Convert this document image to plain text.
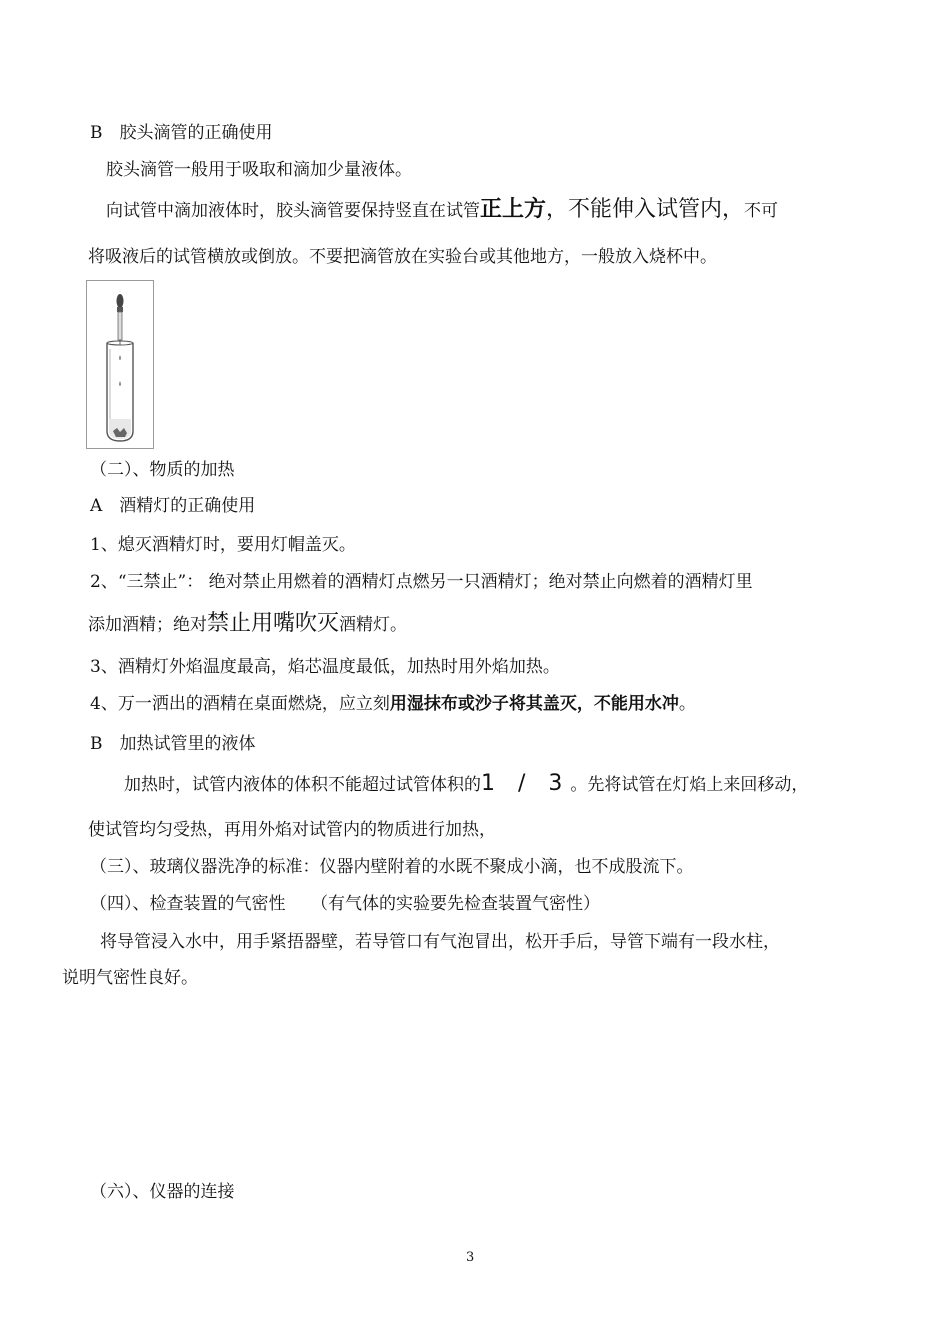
B　胶头滴管的正确使用
胶头滴管一般用于吸取和滴加少量液体。
向试管中滴加液体时，胶头滴管要保持竖直在试管正上方，不能伸入试管内，不可
将吸液后的试管横放或倒放。不要把滴管放在实验台或其他地方，一般放入烧杯中。
（二）、物质的加热
A　酒精灯的正确使用
1、熄灭酒精灯时，要用灯帽盖灭。
2、“三禁止”： 绝对禁止用燃着的酒精灯点燃另一只酒精灯；绝对禁止向燃着的酒精灯里
添加酒精；绝对禁止用嘴吹灭酒精灯。
3、酒精灯外焰温度最高，焰芯温度最低，加热时用外焰加热。
4、万一洒出的酒精在桌面燃烧，应立刻用湿抹布或沙子将其盖灭，不能用水冲。
B　加热试管里的液体
加热时，试管内液体的体积不能超过试管体积的1 / 3。先将试管在灯焰上来回移动，
使试管均匀受热，再用外焰对试管内的物质进行加热，
（三）、玻璃仪器洗净的标准：仪器内壁附着的水既不聚成小滴，也不成股流下。
（四）、检查装置的气密性　　（有气体的实验要先检查装置气密性）
将导管浸入水中，用手紧捂器壁，若导管口有气泡冒出，松开手后，导管下端有一段水柱，
说明气密性良好。
（六）、仪器的连接
3
